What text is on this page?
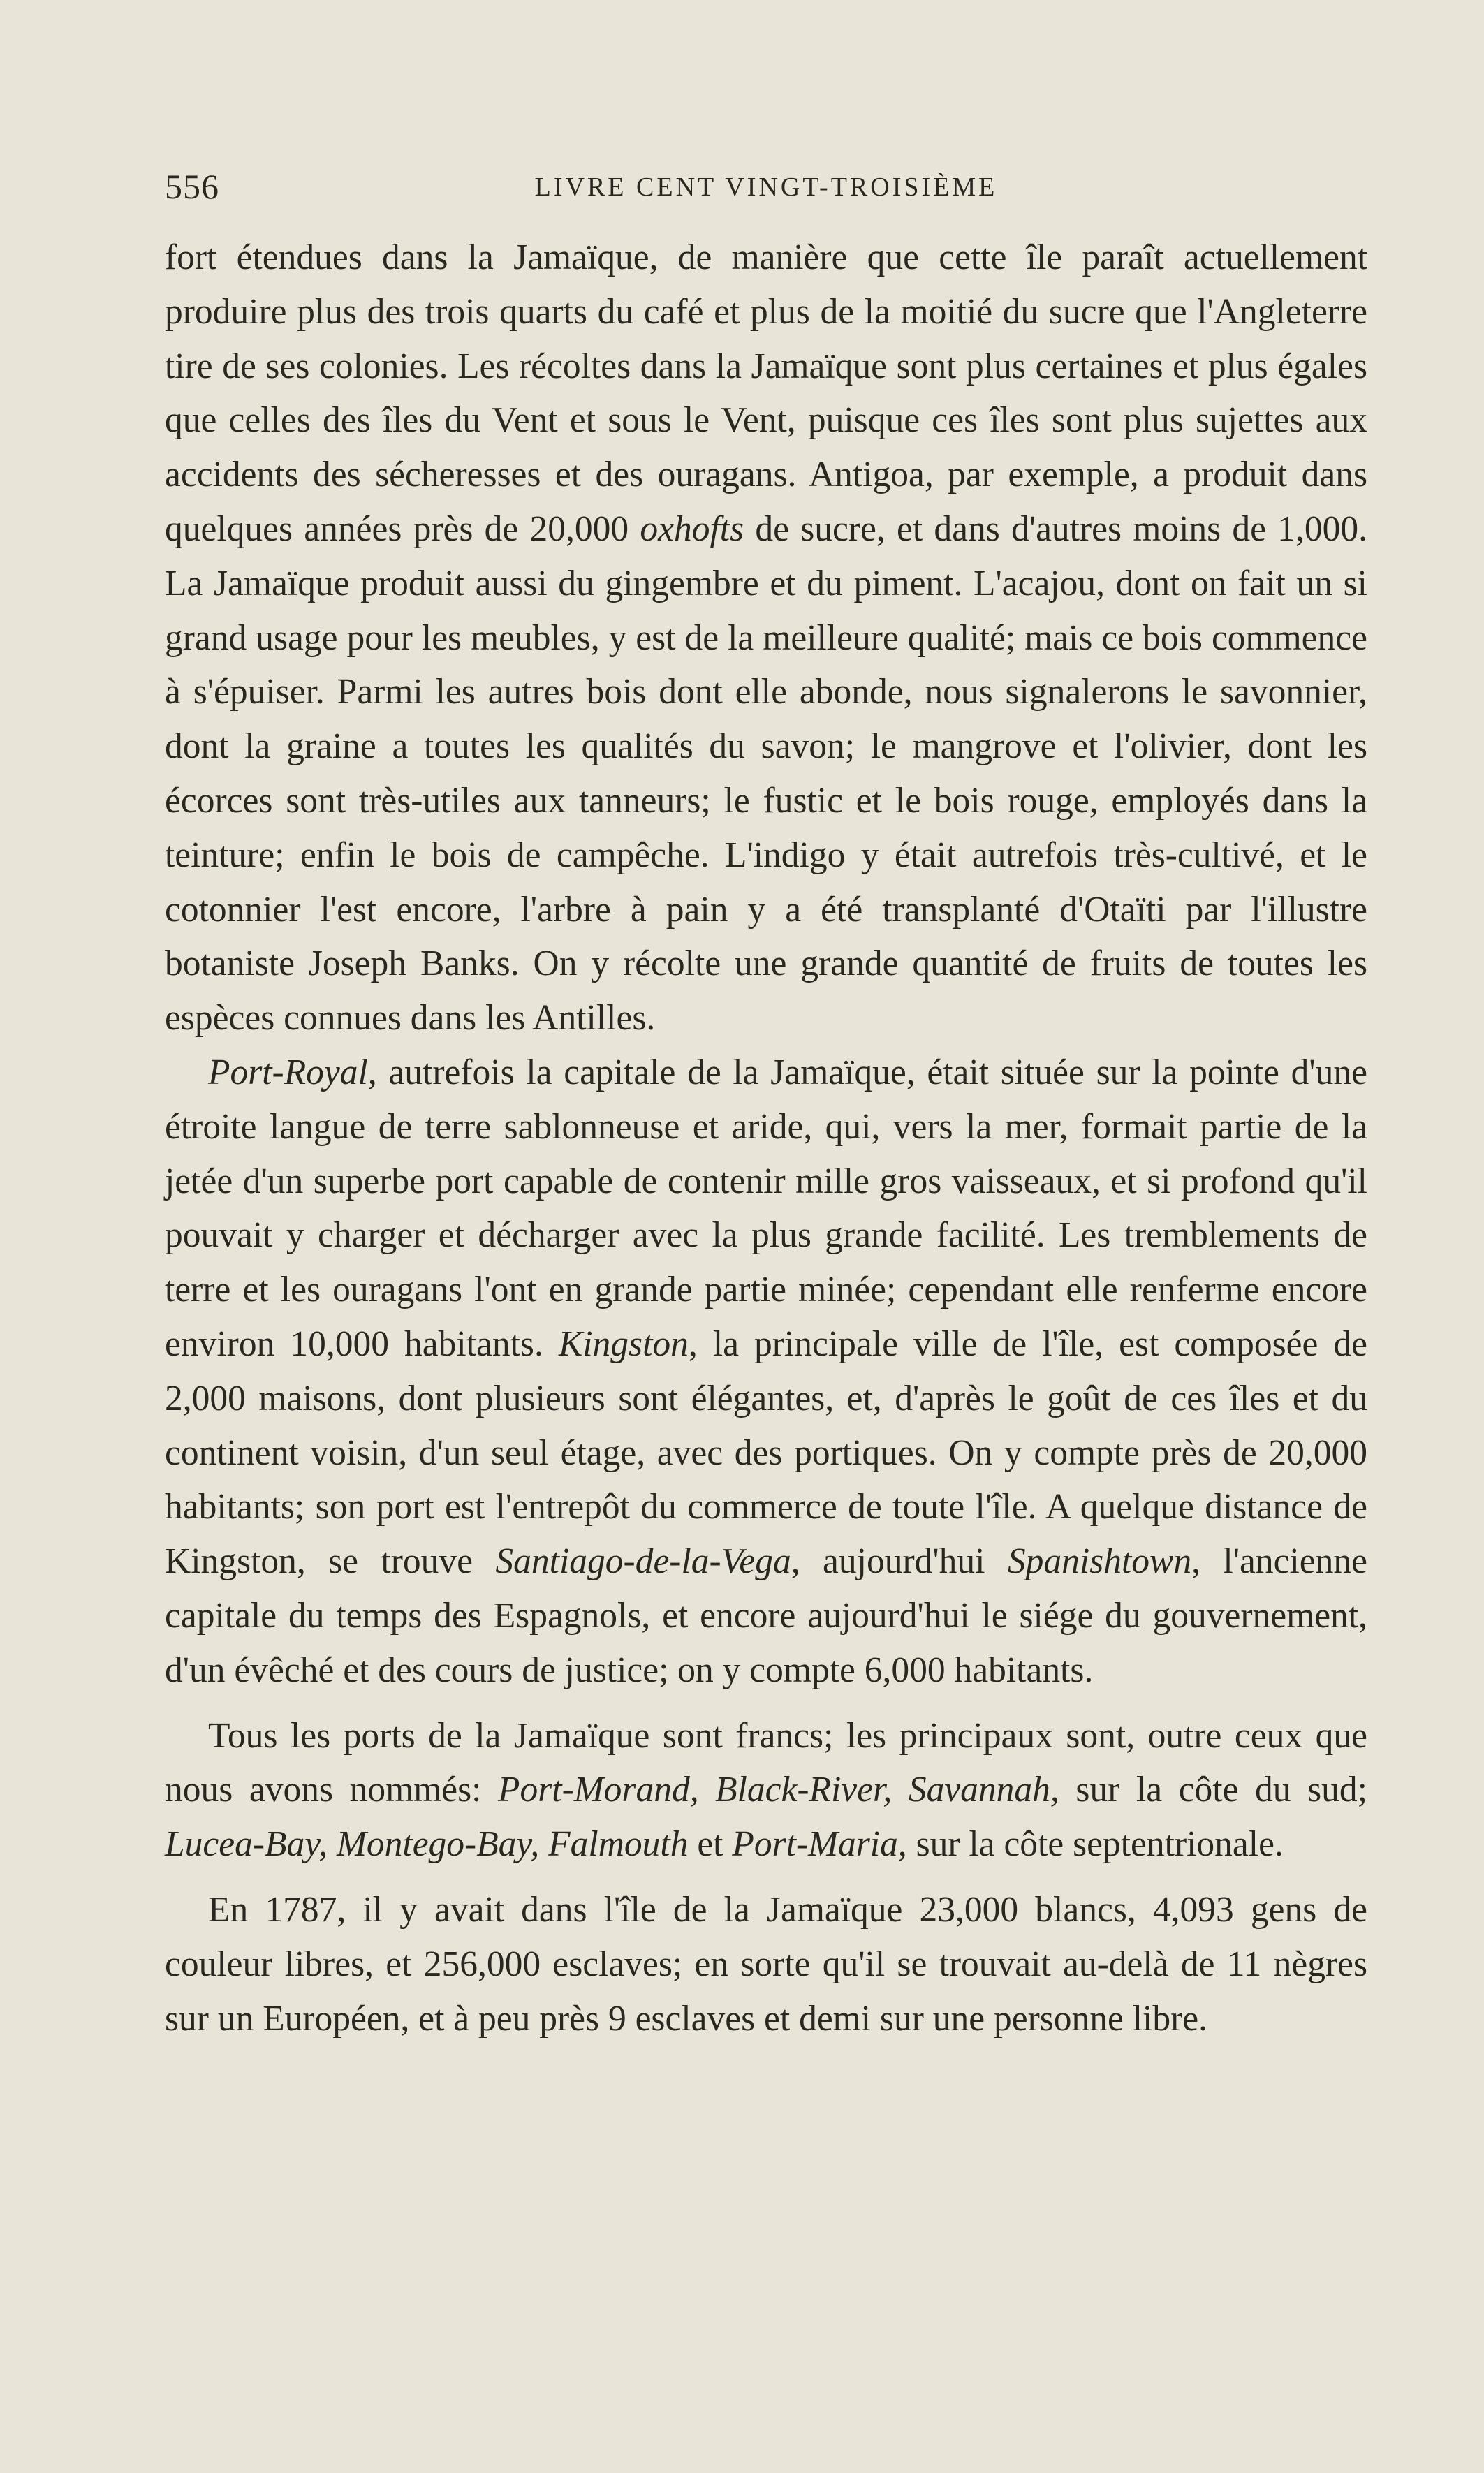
556	LIVRE CENT VINGT-TROISIÈME

fort étendues dans la Jamaïque, de manière que cette île paraît actuellement produire plus des trois quarts du café et plus de la moitié du sucre que l'Angleterre tire de ses colonies. Les récoltes dans la Jamaïque sont plus certaines et plus égales que celles des îles du Vent et sous le Vent, puisque ces îles sont plus sujettes aux accidents des sécheresses et des ouragans. Antigoa, par exemple, a produit dans quelques années près de 20,000 oxhofts de sucre, et dans d'autres moins de 1,000. La Jamaïque produit aussi du gingembre et du piment. L'acajou, dont on fait un si grand usage pour les meubles, y est de la meilleure qualité; mais ce bois commence à s'épuiser. Parmi les autres bois dont elle abonde, nous signalerons le savonnier, dont la graine a toutes les qualités du savon; le mangrove et l'olivier, dont les écorces sont très-utiles aux tanneurs; le fustic et le bois rouge, employés dans la teinture; enfin le bois de campêche. L'indigo y était autrefois très-cultivé, et le cotonnier l'est encore, l'arbre à pain y a été transplanté d'Otaïti par l'illustre botaniste Joseph Banks. On y récolte une grande quantité de fruits de toutes les espèces connues dans les Antilles.

Port-Royal, autrefois la capitale de la Jamaïque, était située sur la pointe d'une étroite langue de terre sablonneuse et aride, qui, vers la mer, formait partie de la jetée d'un superbe port capable de contenir mille gros vaisseaux, et si profond qu'il pouvait y charger et décharger avec la plus grande facilité. Les tremblements de terre et les ouragans l'ont en grande partie minée; cependant elle renferme encore environ 10,000 habitants. Kingston, la principale ville de l'île, est composée de 2,000 maisons, dont plusieurs sont élégantes, et, d'après le goût de ces îles et du continent voisin, d'un seul étage, avec des portiques. On y compte près de 20,000 habitants; son port est l'entrepôt du commerce de toute l'île. A quelque distance de Kingston, se trouve Santiago-de-la-Vega, aujourd'hui Spanishtown, l'ancienne capitale du temps des Espagnols, et encore aujourd'hui le siége du gouvernement, d'un évêché et des cours de justice; on y compte 6,000 habitants.

Tous les ports de la Jamaïque sont francs; les principaux sont, outre ceux que nous avons nommés: Port-Morand, Black-River, Savannah, sur la côte du sud; Lucea-Bay, Montego-Bay, Falmouth et Port-Maria, sur la côte septentrionale.

En 1787, il y avait dans l'île de la Jamaïque 23,000 blancs, 4,093 gens de couleur libres, et 256,000 esclaves; en sorte qu'il se trouvait au-delà de 11 nègres sur un Européen, et à peu près 9 esclaves et demi sur une personne libre.
